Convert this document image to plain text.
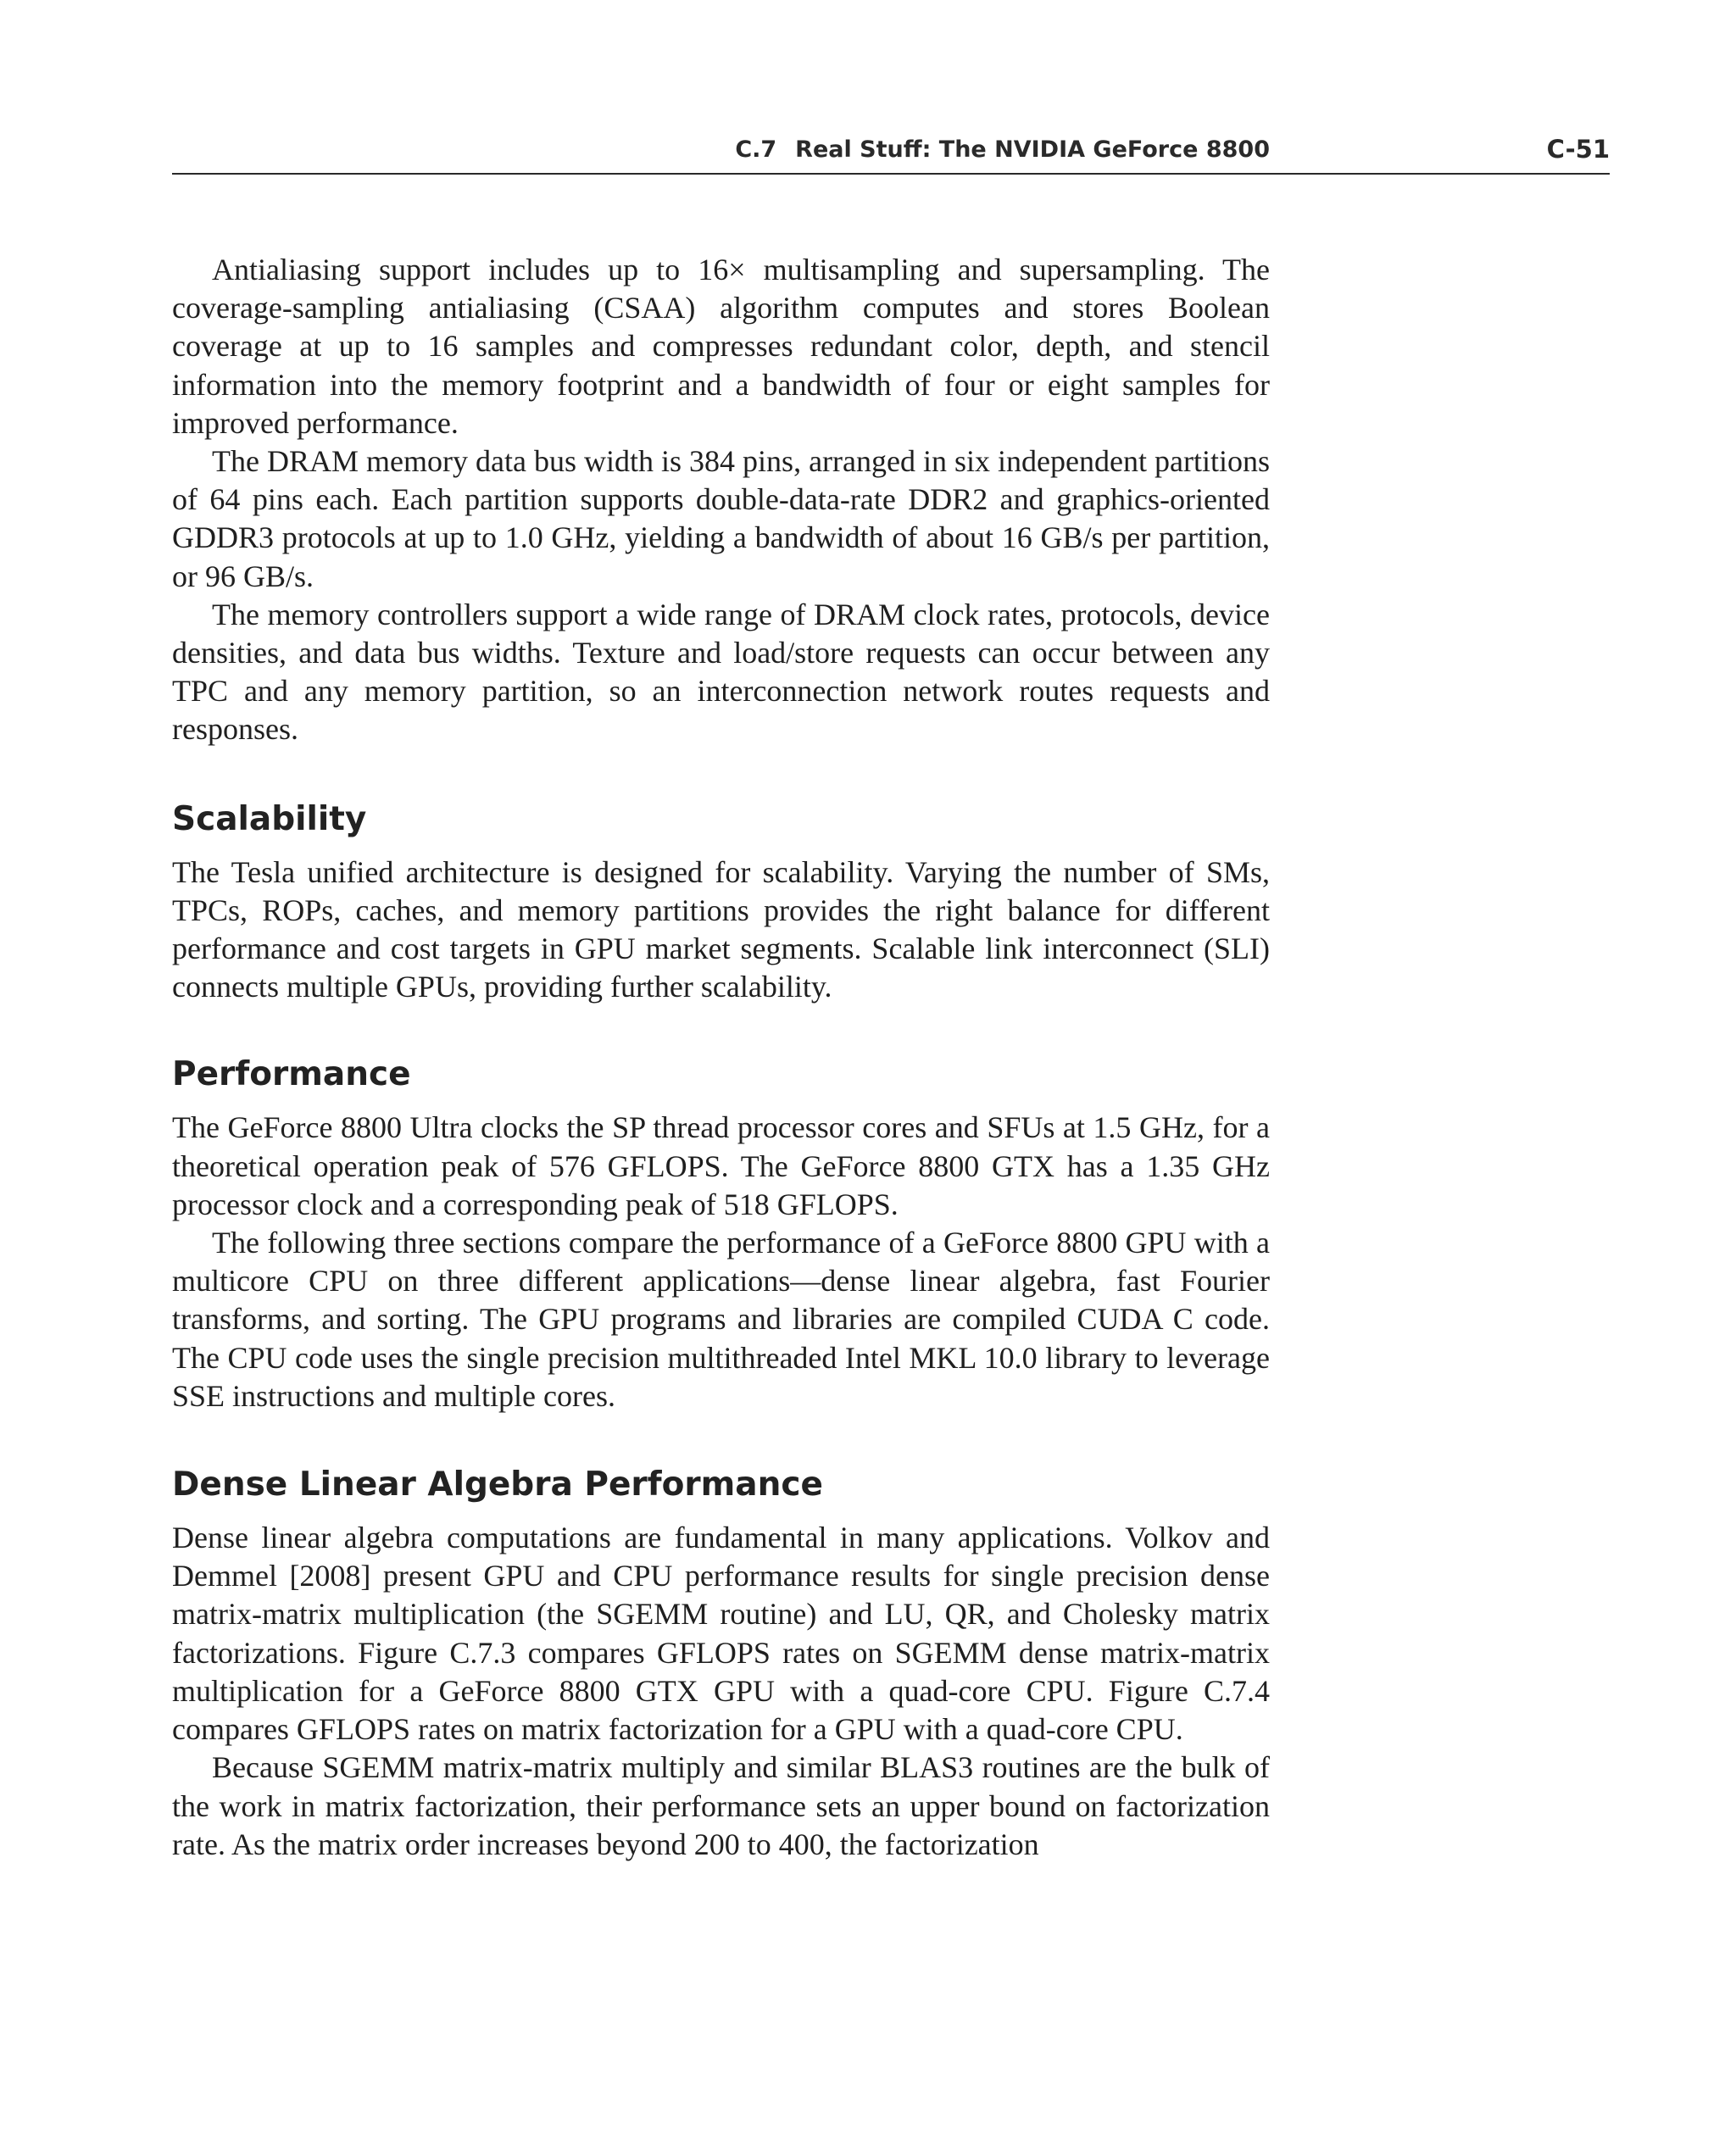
C.7 Real Stuff: The NVIDIA GeForce 8800	C-51

Antialiasing support includes up to 16× multisampling and supersampling. The coverage-sampling antialiasing (CSAA) algorithm computes and stores Boolean coverage at up to 16 samples and compresses redundant color, depth, and stencil information into the memory footprint and a bandwidth of four or eight samples for improved performance.

The DRAM memory data bus width is 384 pins, arranged in six independent partitions of 64 pins each. Each partition supports double-data-rate DDR2 and graphics-oriented GDDR3 protocols at up to 1.0 GHz, yielding a bandwidth of about 16 GB/s per partition, or 96 GB/s.

The memory controllers support a wide range of DRAM clock rates, protocols, device densities, and data bus widths. Texture and load/store requests can occur between any TPC and any memory partition, so an interconnection network routes requests and responses.

Scalability

The Tesla unified architecture is designed for scalability. Varying the number of SMs, TPCs, ROPs, caches, and memory partitions provides the right balance for different performance and cost targets in GPU market segments. Scalable link interconnect (SLI) connects multiple GPUs, providing further scalability.

Performance

The GeForce 8800 Ultra clocks the SP thread processor cores and SFUs at 1.5 GHz, for a theoretical operation peak of 576 GFLOPS. The GeForce 8800 GTX has a 1.35 GHz processor clock and a corresponding peak of 518 GFLOPS.

The following three sections compare the performance of a GeForce 8800 GPU with a multicore CPU on three different applications—dense linear algebra, fast Fourier transforms, and sorting. The GPU programs and libraries are compiled CUDA C code. The CPU code uses the single precision multithreaded Intel MKL 10.0 library to leverage SSE instructions and multiple cores.

Dense Linear Algebra Performance

Dense linear algebra computations are fundamental in many applications. Volkov and Demmel [2008] present GPU and CPU performance results for single precision dense matrix-matrix multiplication (the SGEMM routine) and LU, QR, and Cholesky matrix factorizations. Figure C.7.3 compares GFLOPS rates on SGEMM dense matrix-matrix multiplication for a GeForce 8800 GTX GPU with a quad-core CPU. Figure C.7.4 compares GFLOPS rates on matrix factorization for a GPU with a quad-core CPU.

Because SGEMM matrix-matrix multiply and similar BLAS3 routines are the bulk of the work in matrix factorization, their performance sets an upper bound on factorization rate. As the matrix order increases beyond 200 to 400, the factorization
